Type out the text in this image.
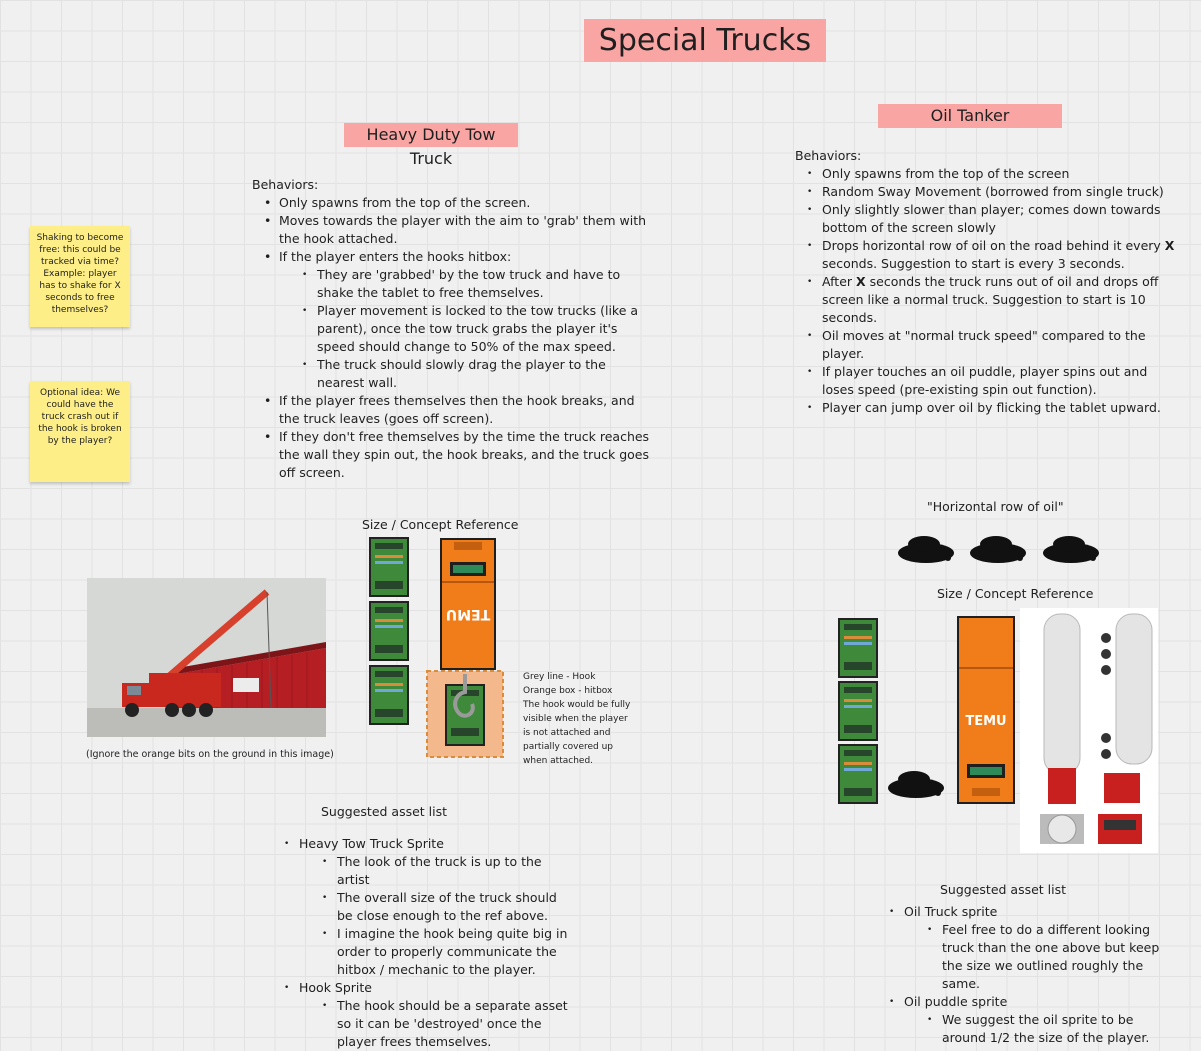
Special Trucks
Heavy Duty Tow Truck
Behaviors:
• Only spawns from the top of the screen.
• Moves towards the player with the aim to 'grab' them with the hook attached.
• If the player enters the hooks hitbox:
• They are 'grabbed' by the tow truck and have to shake the tablet to free themselves.
• Player movement is locked to the tow trucks (like a parent), once the tow truck grabs the player it's speed should change to 50% of the max speed.
• The truck should slowly drag the player to the nearest wall.
• If the player frees themselves then the hook breaks, and the truck leaves (goes off screen).
• If they don't free themselves by the time the truck reaches the wall they spin out, the hook breaks, and the truck goes off screen.
Shaking to become free: this could be tracked via time? Example: player has to shake for X seconds to free themselves?
Optional idea: We could have the truck crash out if the hook is broken by the player?
Size / Concept Reference
(Ignore the orange bits on the ground in this image)
TEMU
Grey line - Hook
Orange box - hitbox
The hook would be fully visible when the player is not attached and partially covered up when attached.
Suggested asset list
• Heavy Tow Truck Sprite
• The look of the truck is up to the artist
• The overall size of the truck should be close enough to the ref above.
• I imagine the hook being quite big in order to properly communicate the hitbox / mechanic to the player.
• Hook Sprite
• The hook should be a separate asset so it can be 'destroyed' once the player frees themselves.
Oil Tanker
Behaviors:
• Only spawns from the top of the screen
• Random Sway Movement (borrowed from single truck)
• Only slightly slower than player; comes down towards bottom of the screen slowly
• Drops horizontal row of oil on the road behind it every X seconds. Suggestion to start is every 3 seconds.
• After X seconds the truck runs out of oil and drops off screen like a normal truck. Suggestion to start is 10 seconds.
• Oil moves at "normal truck speed" compared to the player.
• If player touches an oil puddle, player spins out and loses speed (pre-existing spin out function).
• Player can jump over oil by flicking the tablet upward.
"Horizontal row of oil"
Size / Concept Reference
TEMU
Suggested asset list
• Oil Truck sprite
• Feel free to do a different looking truck than the one above but keep the size we outlined roughly the same.
• Oil puddle sprite
• We suggest the oil sprite to be around 1/2 the size of the player.
